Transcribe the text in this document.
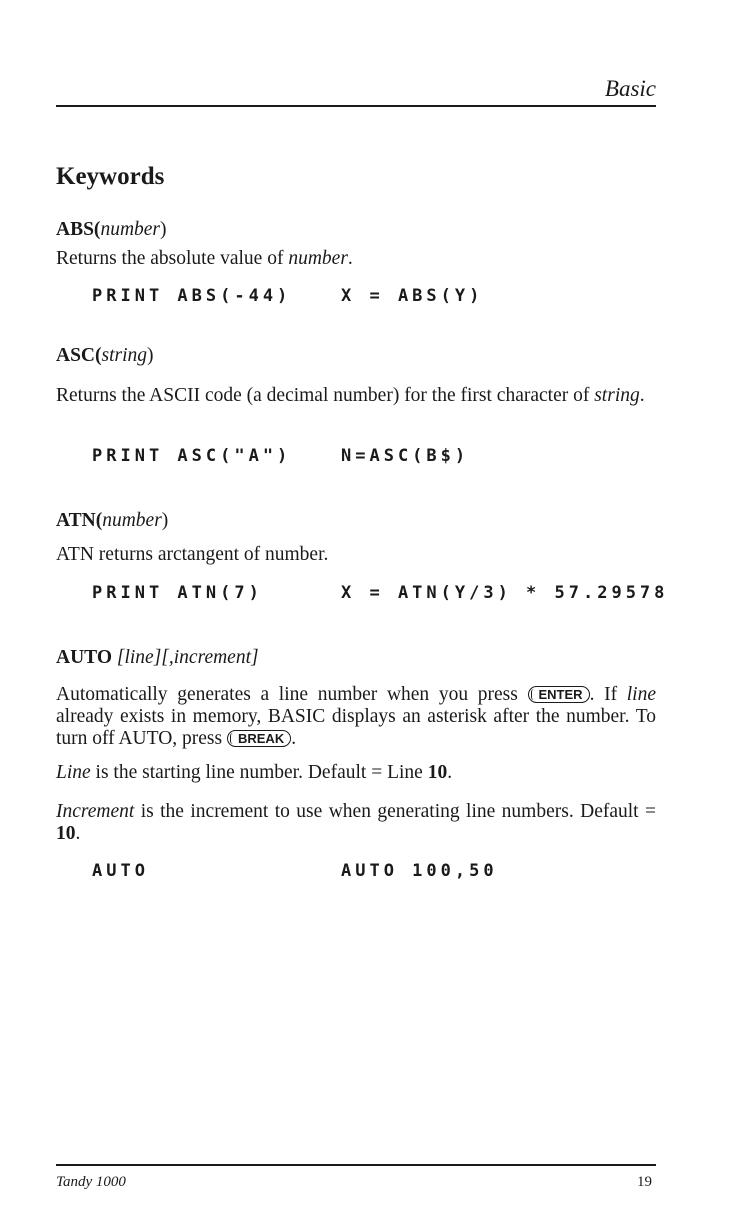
Basic
Keywords
ABS(number)
Returns the absolute value of number.
PRINT ABS(-44)	X = ABS(Y)
ASC(string)
Returns the ASCII code (a decimal number) for the first character of string.
PRINT ASC("A")	N=ASC(B$)
ATN(number)
ATN returns arctangent of number.
PRINT ATN(7)	X = ATN(Y/3) * 57.29578
AUTO [line][,increment]
Automatically generates a line number when you press ENTER . If line already exists in memory, BASIC displays an asterisk after the number. To turn off AUTO, press BREAK .
Line is the starting line number. Default = Line 10.
Increment is the increment to use when generating line numbers. Default = 10.
AUTO	AUTO 100,50
Tandy 1000	19
